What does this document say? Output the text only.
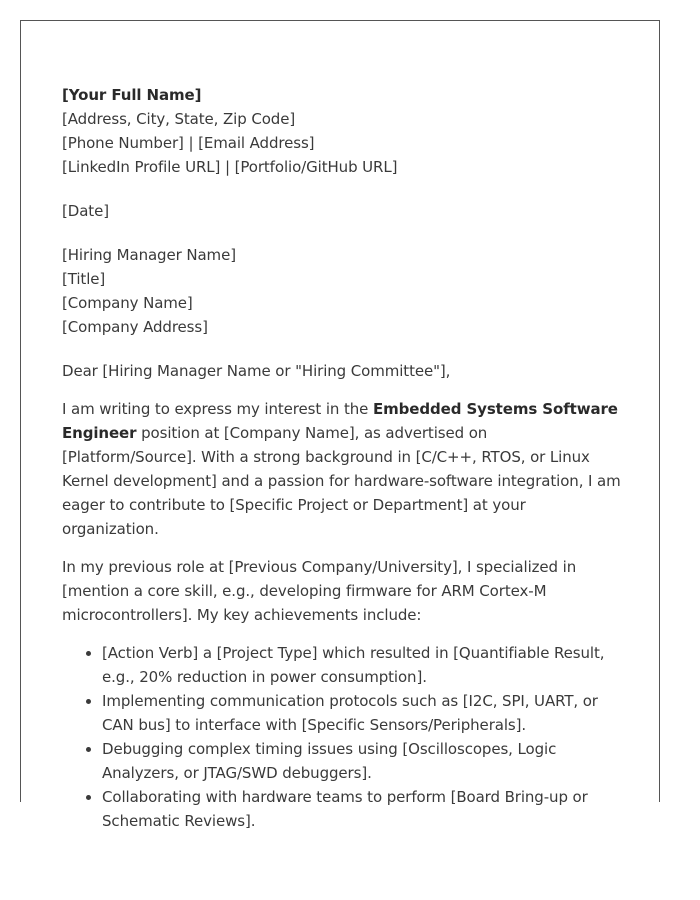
[Your Full Name]
[Address, City, State, Zip Code]
[Phone Number] | [Email Address]
[LinkedIn Profile URL] | [Portfolio/GitHub URL]
[Date]
[Hiring Manager Name]
[Title]
[Company Name]
[Company Address]

Dear [Hiring Manager Name or "Hiring Committee"],

I am writing to express my interest in the Embedded Systems Software Engineer position at [Company Name], as advertised on [Platform/Source]. With a strong background in [C/C++, RTOS, or Linux Kernel development] and a passion for hardware-software integration, I am eager to contribute to [Specific Project or Department] at your organization.

In my previous role at [Previous Company/University], I specialized in [mention a core skill, e.g., developing firmware for ARM Cortex-M microcontrollers]. My key achievements include:

• [Action Verb] a [Project Type] which resulted in [Quantifiable Result, e.g., 20% reduction in power consumption].
• Implementing communication protocols such as [I2C, SPI, UART, or CAN bus] to interface with [Specific Sensors/Peripherals].
• Debugging complex timing issues using [Oscilloscopes, Logic Analyzers, or JTAG/SWD debuggers].
• Collaborating with hardware teams to perform [Board Bring-up or Schematic Reviews].
